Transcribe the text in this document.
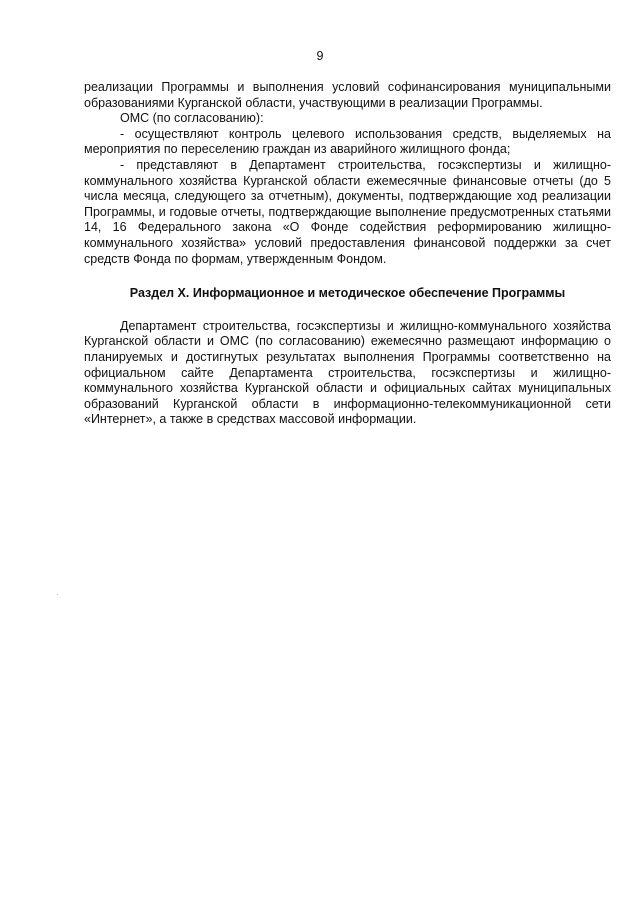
9

реализации Программы и выполнения условий софинансирования муниципальными образованиями Курганской области, участвующими в реализации Программы.

ОМС (по согласованию):

- осуществляют контроль целевого использования средств, выделяемых на мероприятия по переселению граждан из аварийного жилищного фонда;

- представляют в Департамент строительства, госэкспертизы и жилищно-коммунального хозяйства Курганской области ежемесячные финансовые отчеты (до 5 числа месяца, следующего за отчетным), документы, подтверждающие ход реализации Программы, и годовые отчеты, подтверждающие выполнение предусмотренных статьями 14, 16 Федерального закона «О Фонде содействия реформированию жилищно-коммунального хозяйства» условий предоставления финансовой поддержки за счет средств Фонда по формам, утвержденным Фондом.

Раздел X. Информационное и методическое обеспечение Программы

Департамент строительства, госэкспертизы и жилищно-коммунального хозяйства Курганской области и ОМС (по согласованию) ежемесячно размещают информацию о планируемых и достигнутых результатах выполнения Программы соответственно на официальном сайте Департамента строительства, госэкспертизы и жилищно-коммунального хозяйства Курганской области и официальных сайтах муниципальных образований Курганской области в информационно-телекоммуникационной сети «Интернет», а также в средствах массовой информации.
